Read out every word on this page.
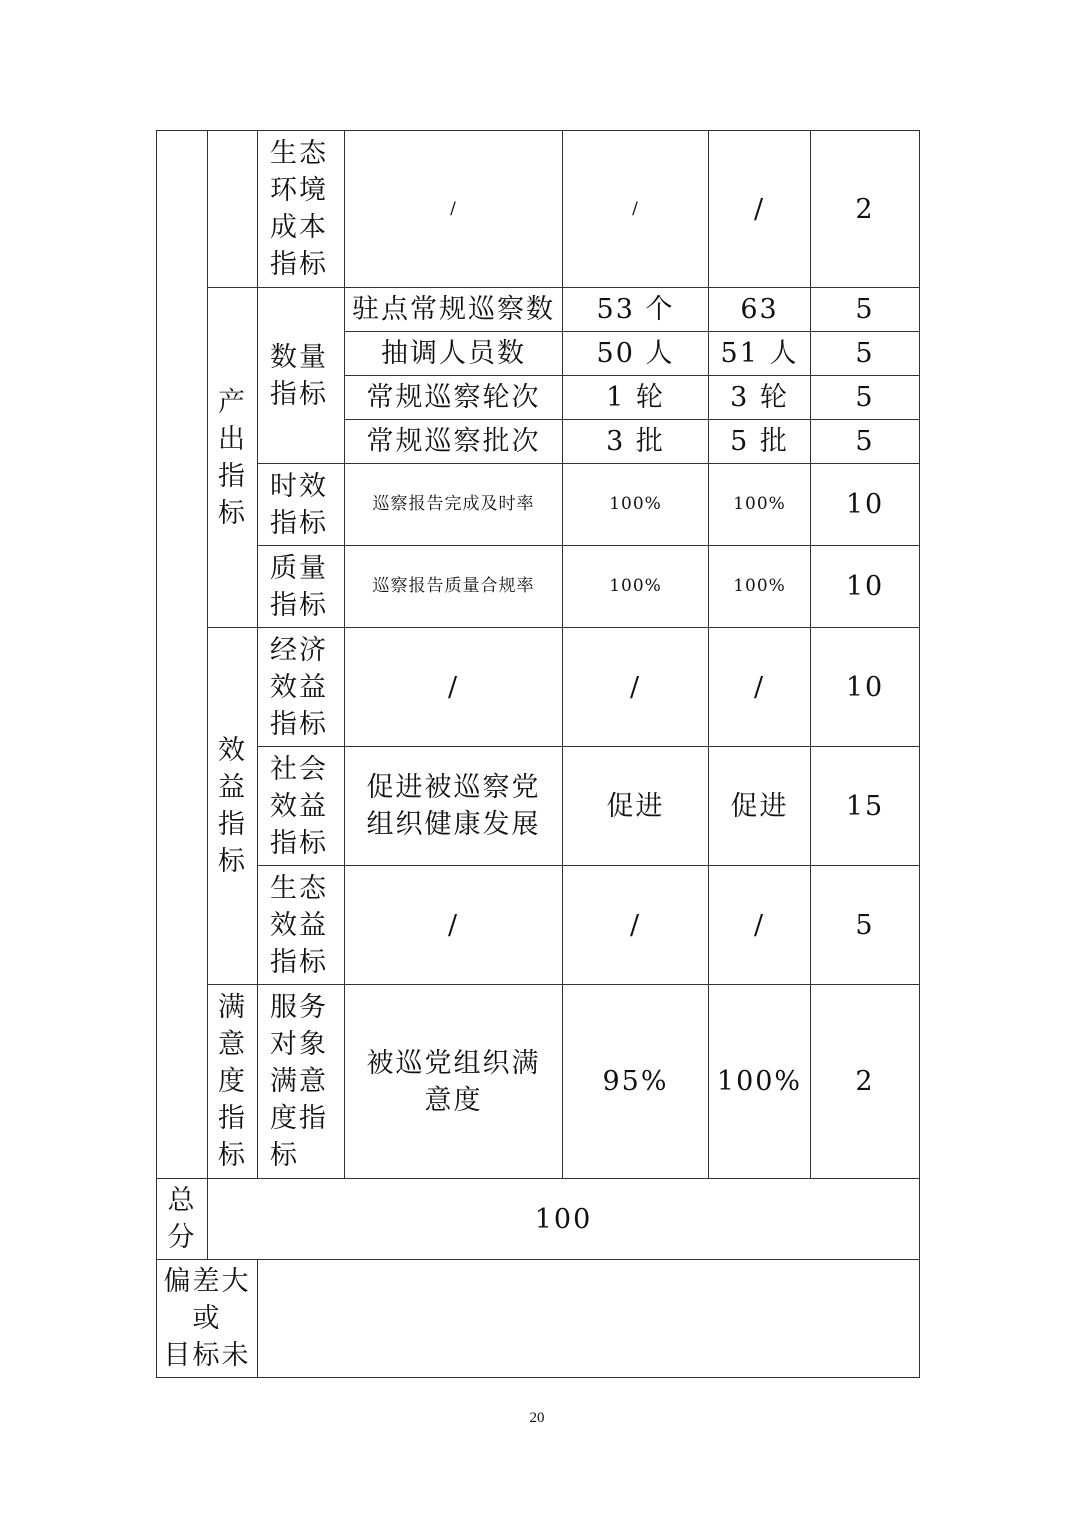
		生态环境成本指标	/	/	/	2

	产出指标	数量指标	驻点常规巡察数	53 个	63	5
			抽调人员数	50 人	51 人	5
			常规巡察轮次	1 轮	3 轮	5
			常规巡察批次	3 批	5 批	5

		时效指标	巡察报告完成及时率	100%	100%	10

		质量指标	巡察报告质量合规率	100%	100%	10

	效益指标	经济效益指标	/	/	/	10

		社会效益指标	促进被巡察党组织健康发展	促进	促进	15

		生态效益指标	/	/	/	5

	满意度指标	服务对象满意度指标	被巡党组织满意度	95%	100%	2

总分	100					

偏差大
或
目标未						

20
